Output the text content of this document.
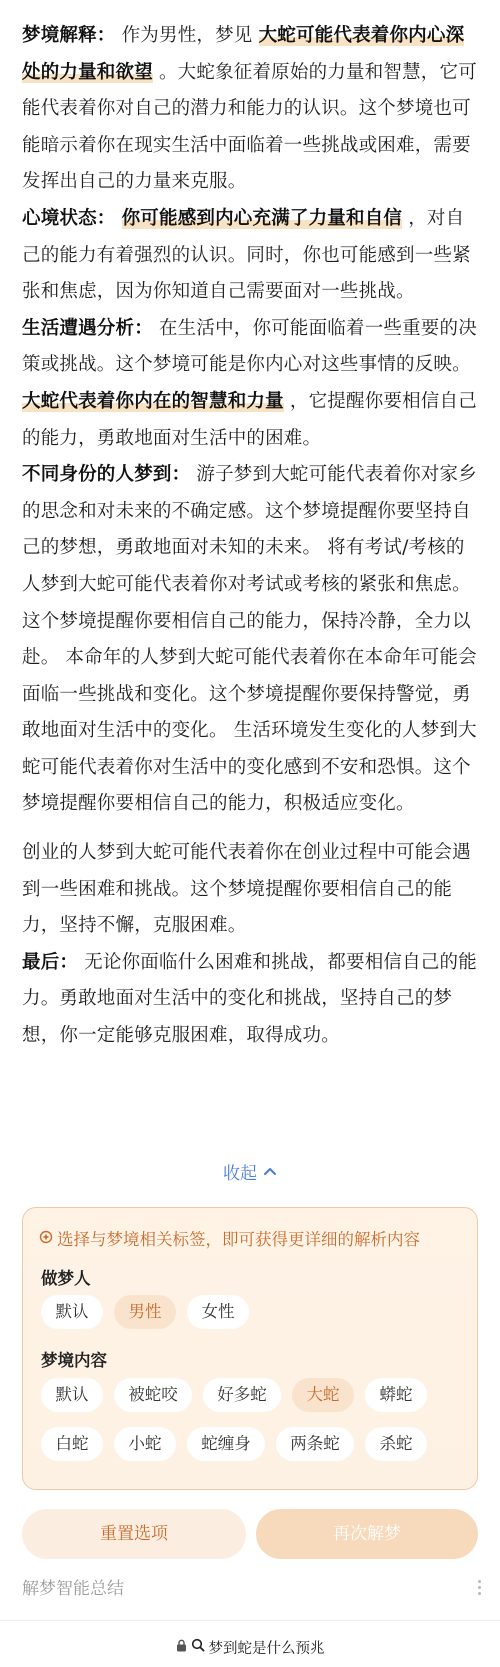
梦境解释： 作为男性，梦见 大蛇可能代表着你内心深处的力量和欲望 。大蛇象征着原始的力量和智慧，它可能代表着你对自己的潜力和能力的认识。这个梦境也可能暗示着你在现实生活中面临着一些挑战或困难，需要发挥出自己的力量来克服。

心境状态： 你可能感到内心充满了力量和自信 ，对自己的能力有着强烈的认识。同时，你也可能感到一些紧张和焦虑，因为你知道自己需要面对一些挑战。

生活遭遇分析： 在生活中，你可能面临着一些重要的决策或挑战。这个梦境可能是你内心对这些事情的反映。 大蛇代表着你内在的智慧和力量 ，它提醒你要相信自己的能力，勇敢地面对生活中的困难。

不同身份的人梦到： 游子梦到大蛇可能代表着你对家乡的思念和对未来的不确定感。这个梦境提醒你要坚持自己的梦想，勇敢地面对未知的未来。 将有考试/考核的人梦到大蛇可能代表着你对考试或考核的紧张和焦虑。这个梦境提醒你要相信自己的能力，保持冷静，全力以赴。 本命年的人梦到大蛇可能代表着你在本命年可能会面临一些挑战和变化。这个梦境提醒你要保持警觉，勇敢地面对生活中的变化。 生活环境发生变化的人梦到大蛇可能代表着你对生活中的变化感到不安和恐惧。这个梦境提醒你要相信自己的能力，积极适应变化。

创业的人梦到大蛇可能代表着你在创业过程中可能会遇到一些困难和挑战。这个梦境提醒你要相信自己的能力，坚持不懈，克服困难。

最后： 无论你面临什么困难和挑战，都要相信自己的能力。勇敢地面对生活中的变化和挑战，坚持自己的梦想，你一定能够克服困难，取得成功。

收起
选择与梦境相关标签，即可获得更详细的解析内容
做梦人
默认	男性	女性
梦境内容
默认	被蛇咬	好多蛇	大蛇	蟒蛇
白蛇	小蛇	蛇缠身	两条蛇	杀蛇
重置选项	再次解梦
解梦智能总结
梦到蛇是什么预兆
